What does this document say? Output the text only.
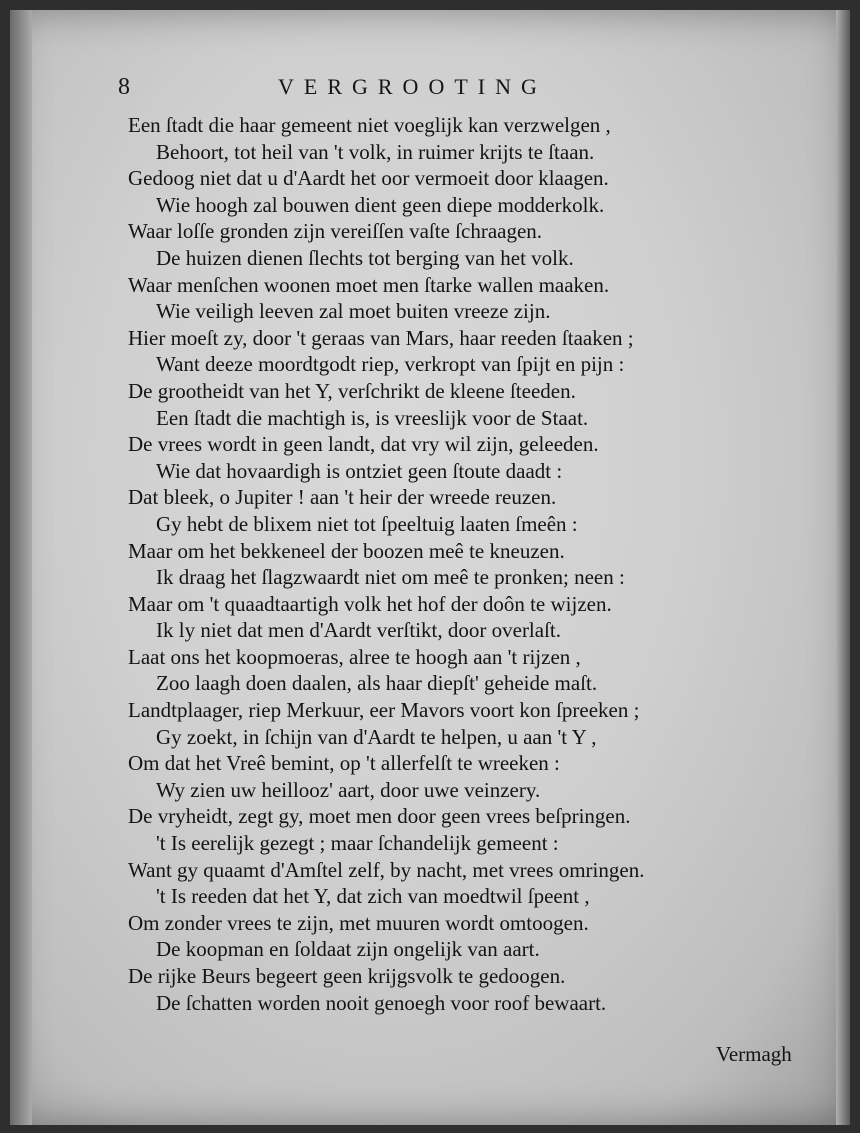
8	VERGROOTING
Een ſtadt die haar gemeent niet voeglijk kan verzwelgen ,
Behoort, tot heil van 't volk, in ruimer krijts te ſtaan.
Gedoog niet dat u d'Aardt het oor vermoeit door klaagen.
Wie hoogh zal bouwen dient geen diepe modderkolk.
Waar loſſe gronden zijn vereiſſen vaſte ſchraagen.
De huizen dienen ſlechts tot berging van het volk.
Waar menſchen woonen moet men ſtarke wallen maaken.
Wie veiligh leeven zal moet buiten vreeze zijn.
Hier moeſt zy, door 't geraas van Mars, haar reeden ſtaaken ;
Want deeze moordtgodt riep, verkropt van ſpijt en pijn :
De grootheidt van het Y, verſchrikt de kleene ſteeden.
Een ſtadt die machtigh is, is vreeslijk voor de Staat.
De vrees wordt in geen landt, dat vry wil zijn, geleeden.
Wie dat hovaardigh is ontziet geen ſtoute daadt :
Dat bleek, o Jupiter ! aan 't heir der wreede reuzen.
Gy hebt de blixem niet tot ſpeeltuig laaten ſmeên :
Maar om het bekkeneel der boozen meê te kneuzen.
Ik draag het ſlagzwaardt niet om meê te pronken; neen :
Maar om 't quaadtaartigh volk het hof der doôn te wijzen.
Ik ly niet dat men d'Aardt verſtikt, door overlaſt.
Laat ons het koopmoeras, alree te hoogh aan 't rijzen ,
Zoo laagh doen daalen, als haar diepſt' geheide maſt.
Landtplaager, riep Merkuur, eer Mavors voort kon ſpreeken ;
Gy zoekt, in ſchijn van d'Aardt te helpen, u aan 't Y ,
Om dat het Vreê bemint, op 't allerfelſt te wreeken :
Wy zien uw heillooz' aart, door uwe veinzery.
De vryheidt, zegt gy, moet men door geen vrees beſpringen.
't Is eerelijk gezegt ; maar ſchandelijk gemeent :
Want gy quaamt d'Amſtel zelf, by nacht, met vrees omringen.
't Is reeden dat het Y, dat zich van moedtwil ſpeent ,
Om zonder vrees te zijn, met muuren wordt omtoogen.
De koopman en ſoldaat zijn ongelijk van aart.
De rijke Beurs begeert geen krijgsvolk te gedoogen.
De ſchatten worden nooit genoegh voor roof bewaart.
Vermagh
